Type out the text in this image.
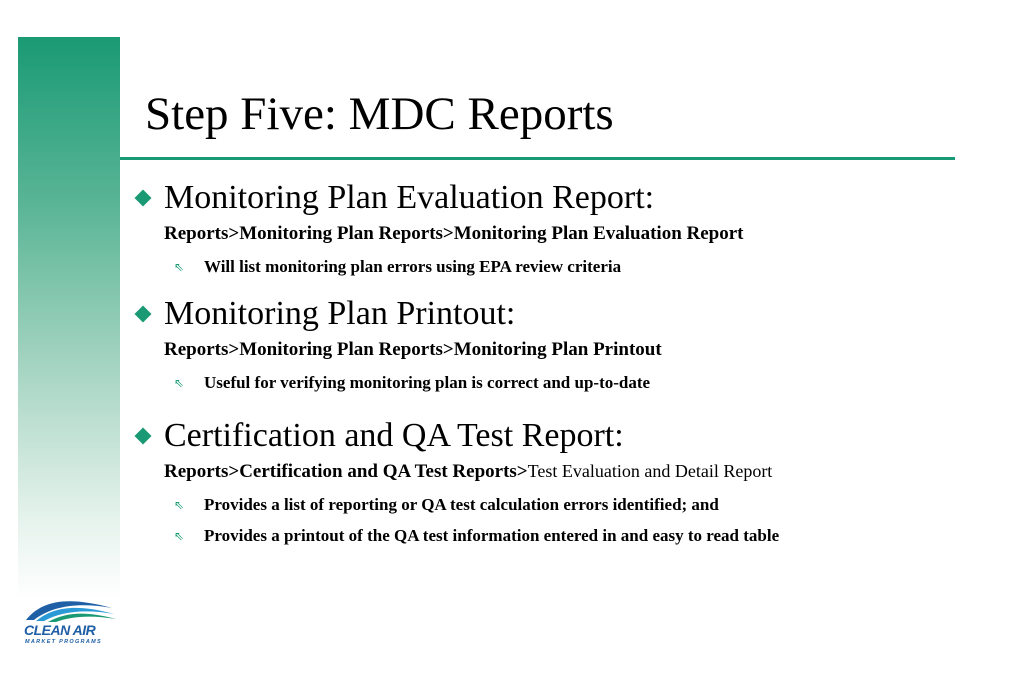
Step Five: MDC Reports
Monitoring Plan Evaluation Report:
Reports>Monitoring Plan Reports>Monitoring Plan Evaluation Report
⇖ Will list monitoring plan errors using EPA review criteria
Monitoring Plan Printout:
Reports>Monitoring Plan Reports>Monitoring Plan Printout
⇖ Useful for verifying monitoring plan is correct and up-to-date
Certification and QA Test Report:
Reports>Certification and QA Test Reports>Test Evaluation and Detail Report
⇖ Provides a list of reporting or QA test calculation errors identified; and
⇖ Provides a printout of the QA test information entered in and easy to read table
CLEAN AIR
MARKET PROGRAMS
